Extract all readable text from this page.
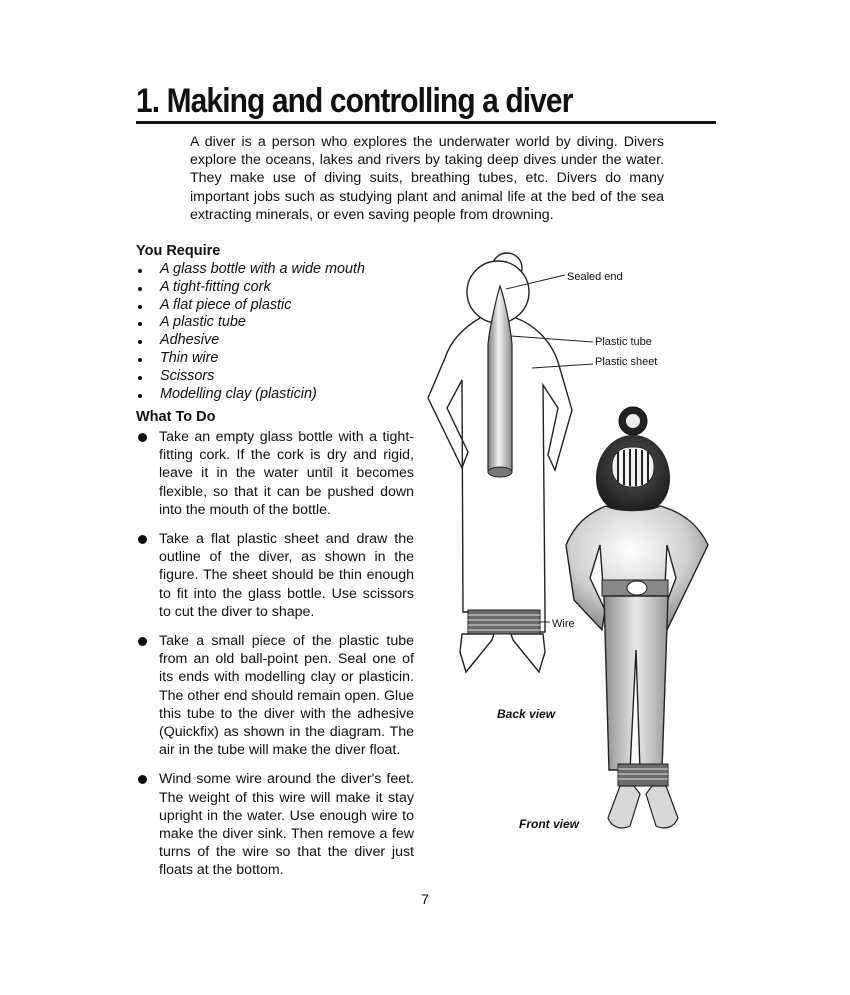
1. Making and controlling a diver

A diver is a person who explores the underwater world by diving. Divers explore the oceans, lakes and rivers by taking deep dives under the water. They make use of diving suits, breathing tubes, etc. Divers do many important jobs such as studying plant and animal life at the bed of the sea extracting minerals, or even saving people from drowning.

You Require
A glass bottle with a wide mouth
A tight-fitting cork
A flat piece of plastic
A plastic tube
Adhesive
Thin wire
Scissors
Modelling clay (plasticin)
What To Do
Take an empty glass bottle with a tight-fitting cork. If the cork is dry and rigid, leave it in the water until it becomes flexible, so that it can be pushed down into the mouth of the bottle.
Take a flat plastic sheet and draw the outline of the diver, as shown in the figure. The sheet should be thin enough to fit into the glass bottle. Use scissors to cut the diver to shape.
Take a small piece of the plastic tube from an old ball-point pen. Seal one of its ends with modelling clay or plasticin. The other end should remain open. Glue this tube to the diver with the adhesive (Quickfix) as shown in the diagram. The air in the tube will make the diver float.
Wind some wire around the diver's feet. The weight of this wire will make it stay upright in the water. Use enough wire to make the diver sink. Then remove a few turns of the wire so that the diver just floats at the bottom.
Sealed end
Plastic tube
Plastic sheet
Wire
Back view
Front view
7
